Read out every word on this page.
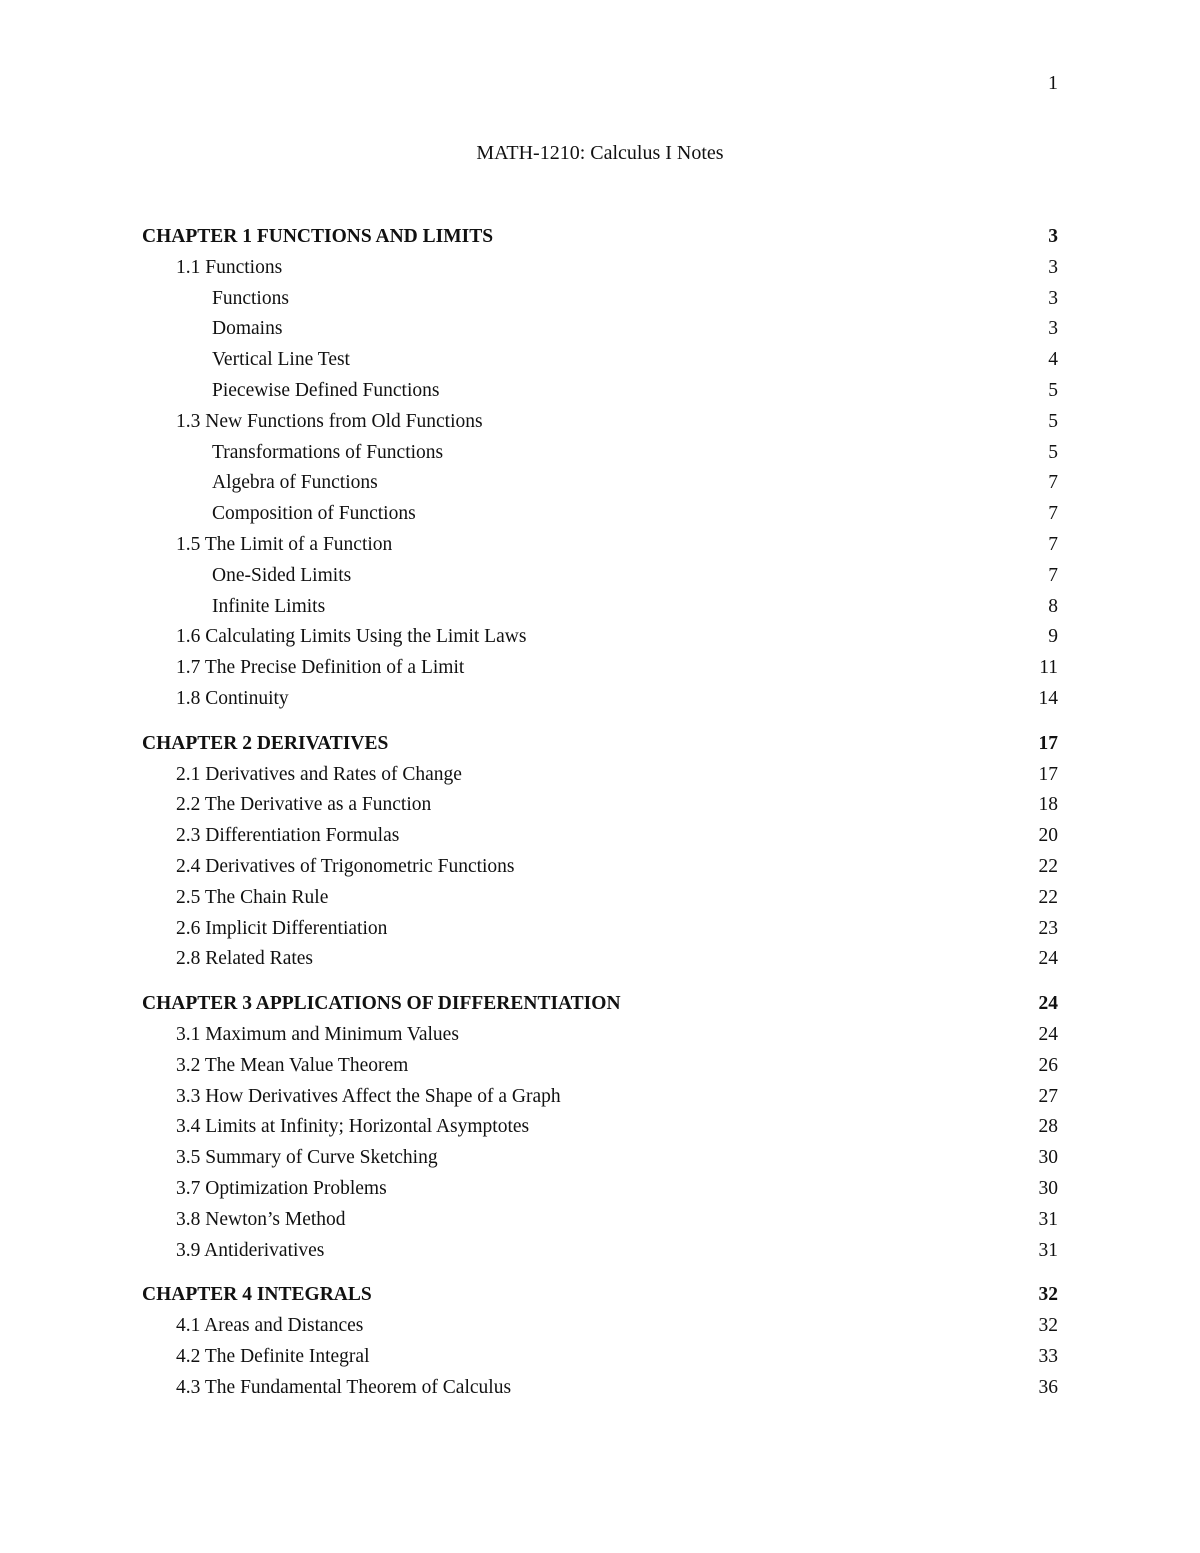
1
MATH-1210: Calculus I Notes
CHAPTER 1 FUNCTIONS AND LIMITS	3
1.1 Functions	3
Functions	3
Domains	3
Vertical Line Test	4
Piecewise Defined Functions	5
1.3 New Functions from Old Functions	5
Transformations of Functions	5
Algebra of Functions	7
Composition of Functions	7
1.5 The Limit of a Function	7
One-Sided Limits	7
Infinite Limits	8
1.6 Calculating Limits Using the Limit Laws	9
1.7 The Precise Definition of a Limit	11
1.8 Continuity	14
CHAPTER 2 DERIVATIVES	17
2.1 Derivatives and Rates of Change	17
2.2 The Derivative as a Function	18
2.3 Differentiation Formulas	20
2.4 Derivatives of Trigonometric Functions	22
2.5 The Chain Rule	22
2.6 Implicit Differentiation	23
2.8 Related Rates	24
CHAPTER 3 APPLICATIONS OF DIFFERENTIATION	24
3.1 Maximum and Minimum Values	24
3.2 The Mean Value Theorem	26
3.3 How Derivatives Affect the Shape of a Graph	27
3.4 Limits at Infinity; Horizontal Asymptotes	28
3.5 Summary of Curve Sketching	30
3.7 Optimization Problems	30
3.8 Newton’s Method	31
3.9 Antiderivatives	31
CHAPTER 4 INTEGRALS	32
4.1 Areas and Distances	32
4.2 The Definite Integral	33
4.3 The Fundamental Theorem of Calculus	36
